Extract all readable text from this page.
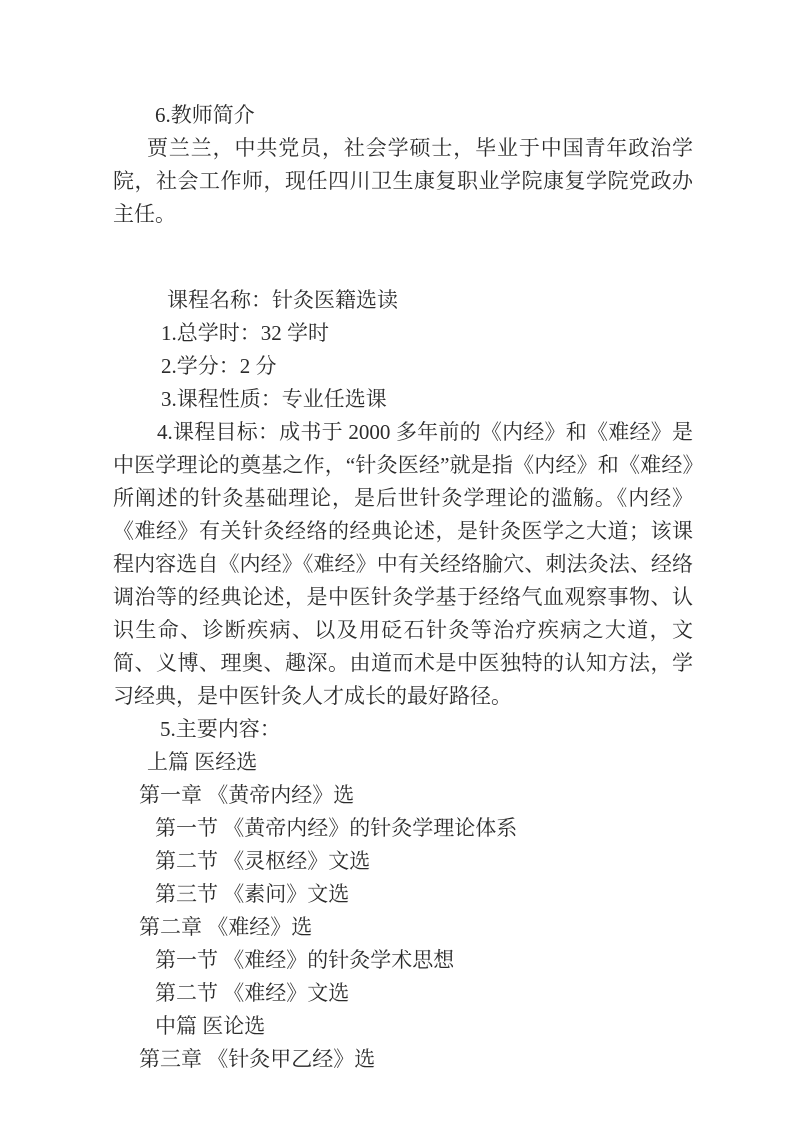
6.教师简介

贾兰兰，中共党员，社会学硕士，毕业于中国青年政治学院，社会工作师，现任四川卫生康复职业学院康复学院党政办主任。

课程名称：针灸医籍选读
1.总学时：32 学时
2.学分：2 分
3.课程性质：专业任选课

4.课程目标：成书于 2000 多年前的《内经》和《难经》是中医学理论的奠基之作，“针灸医经”就是指《内经》和《难经》所阐述的针灸基础理论，是后世针灸学理论的滥觞。《内经》《难经》有关针灸经络的经典论述，是针灸医学之大道；该课程内容选自《内经》《难经》中有关经络腧穴、刺法灸法、经络调治等的经典论述，是中医针灸学基于经络气血观察事物、认识生命、诊断疾病、以及用砭石针灸等治疗疾病之大道，文简、义博、理奥、趣深。由道而术是中医独特的认知方法，学习经典，是中医针灸人才成长的最好路径。

5.主要内容：
上篇 医经选
第一章 《黄帝内经》选
第一节 《黄帝内经》的针灸学理论体系
第二节 《灵枢经》文选
第三节 《素问》文选
第二章 《难经》选
第一节 《难经》的针灸学术思想
第二节 《难经》文选
中篇 医论选
第三章 《针灸甲乙经》选
